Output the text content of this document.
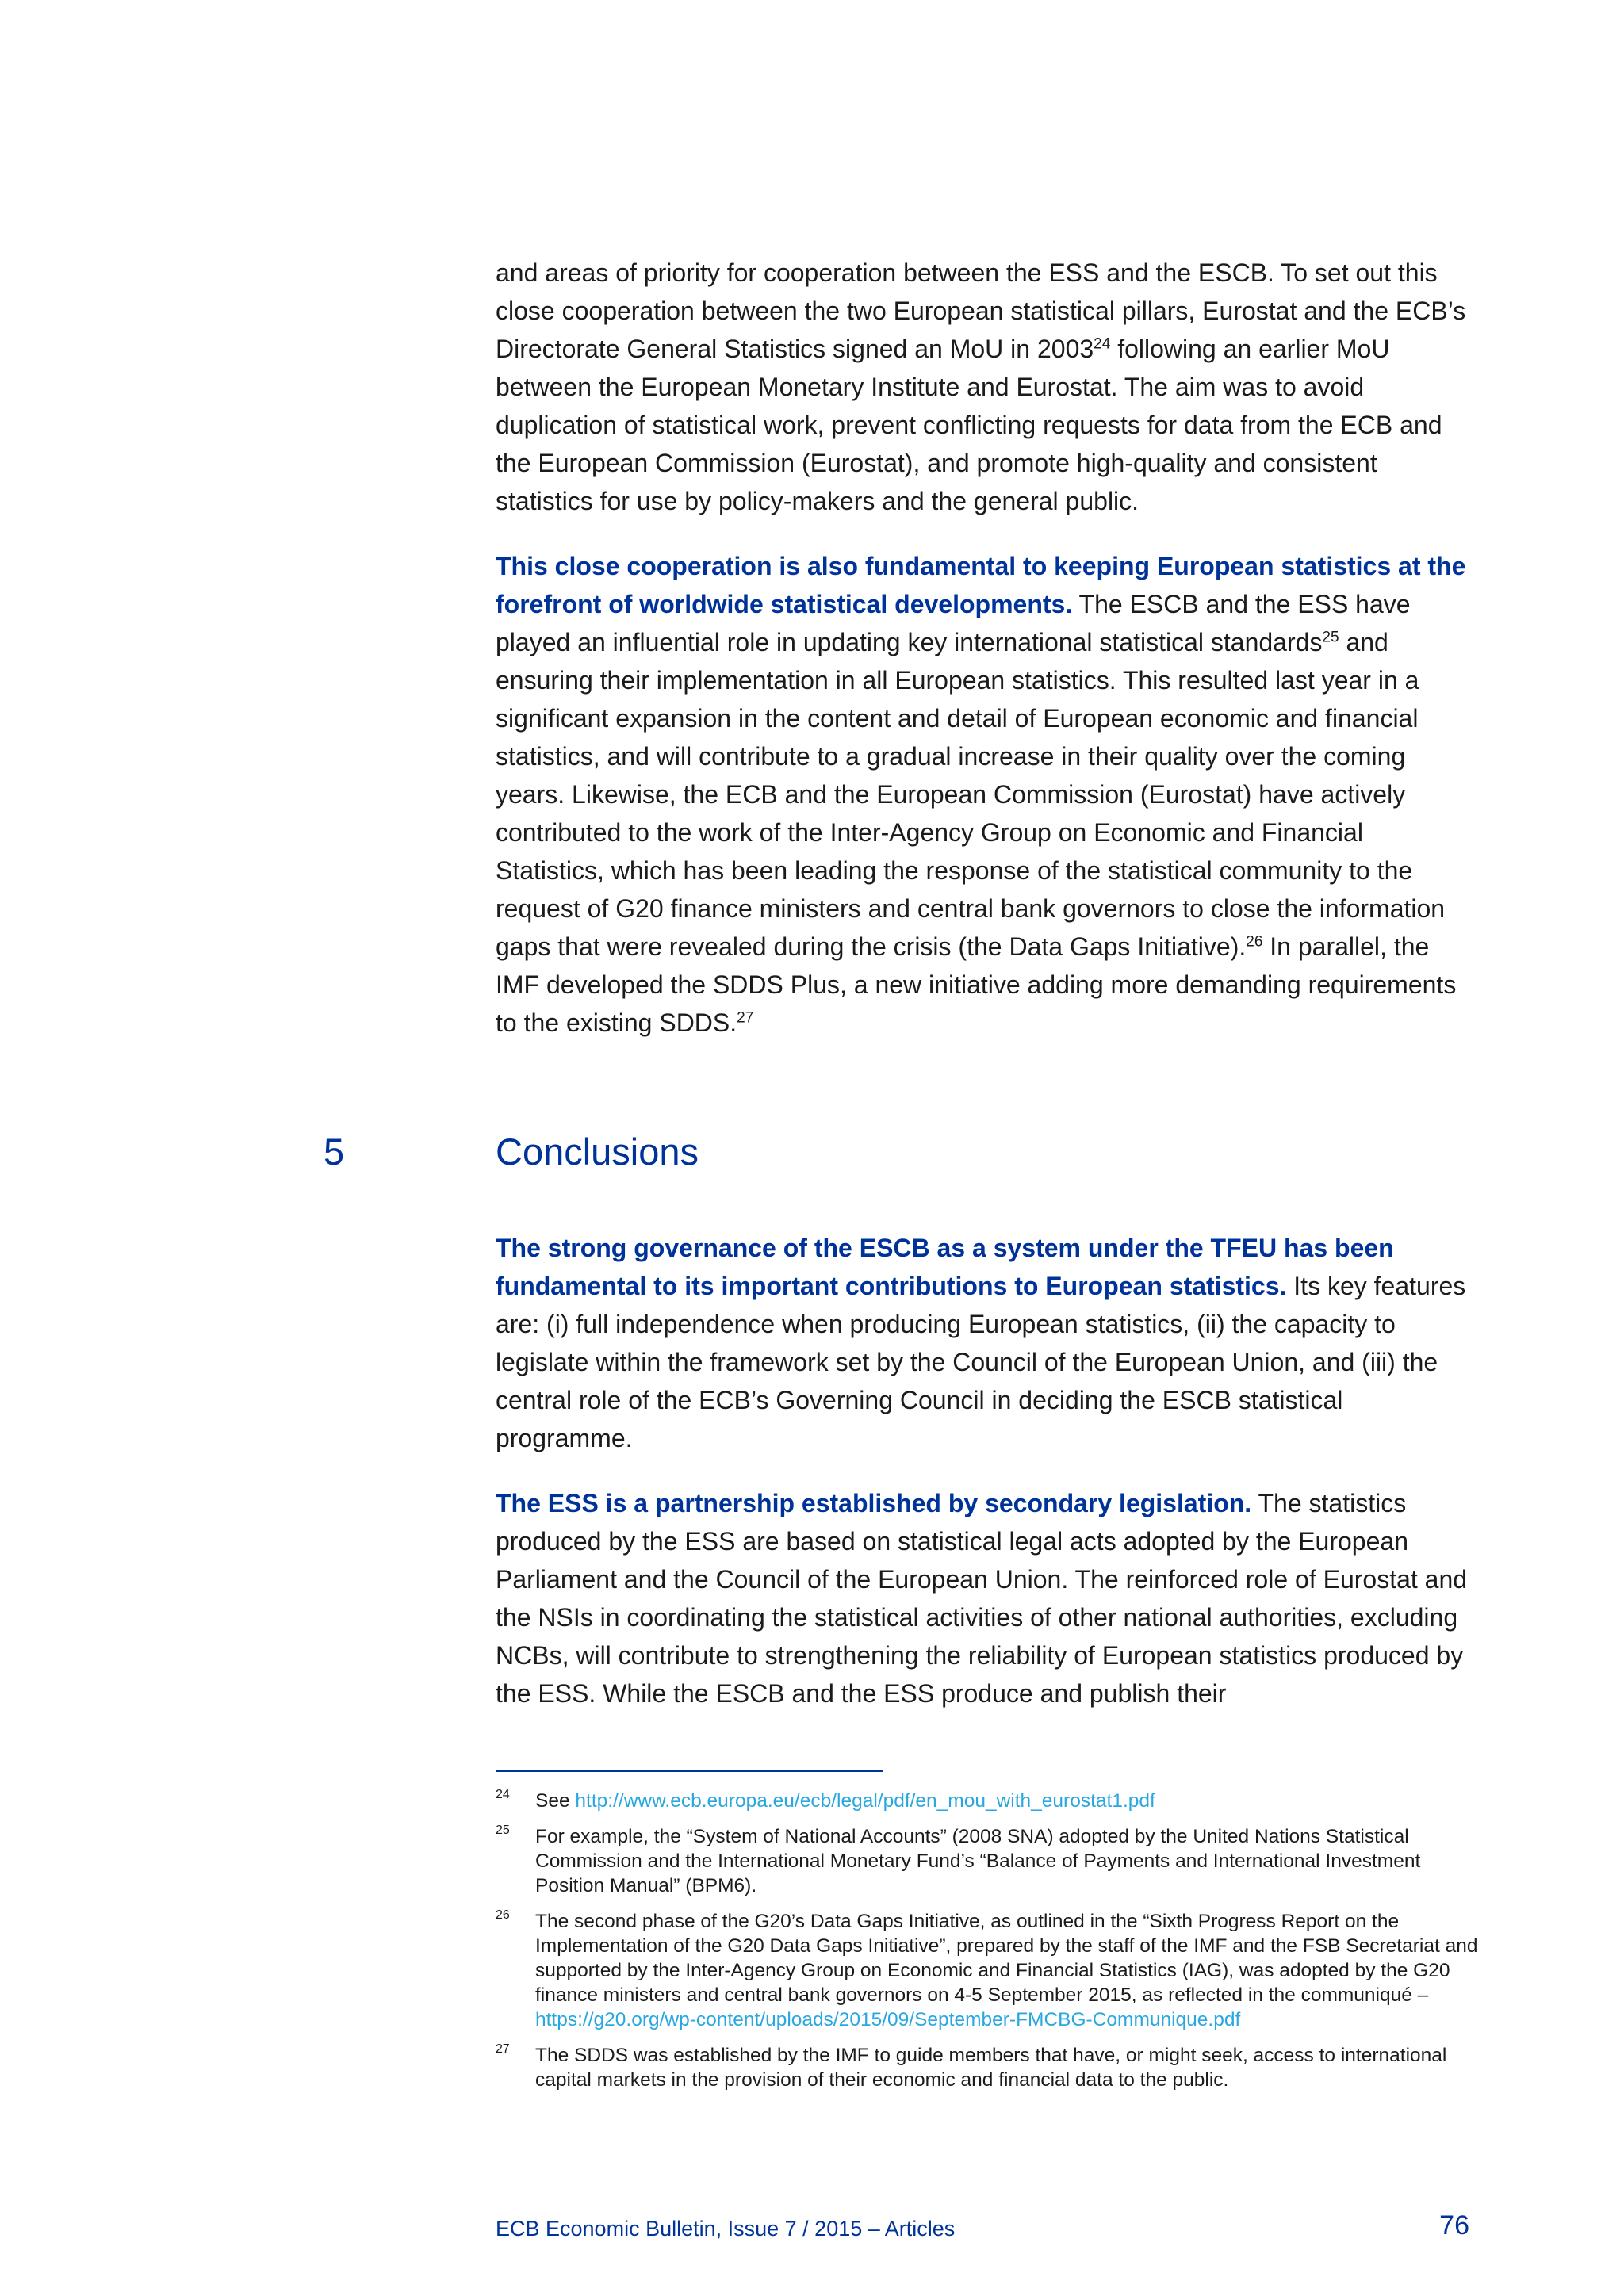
and areas of priority for cooperation between the ESS and the ESCB. To set out this close cooperation between the two European statistical pillars, Eurostat and the ECB’s Directorate General Statistics signed an MoU in 2003$^{24}$ following an earlier MoU between the European Monetary Institute and Eurostat. The aim was to avoid duplication of statistical work, prevent conflicting requests for data from the ECB and the European Commission (Eurostat), and promote high-quality and consistent statistics for use by policy-makers and the general public.

This close cooperation is also fundamental to keeping European statistics at the forefront of worldwide statistical developments. The ESCB and the ESS have played an influential role in updating key international statistical standards$^{25}$ and ensuring their implementation in all European statistics. This resulted last year in a significant expansion in the content and detail of European economic and financial statistics, and will contribute to a gradual increase in their quality over the coming years. Likewise, the ECB and the European Commission (Eurostat) have actively contributed to the work of the Inter-Agency Group on Economic and Financial Statistics, which has been leading the response of the statistical community to the request of G20 finance ministers and central bank governors to close the information gaps that were revealed during the crisis (the Data Gaps Initiative).$^{26}$ In parallel, the IMF developed the SDDS Plus, a new initiative adding more demanding requirements to the existing SDDS.$^{27}$

5	Conclusions

The strong governance of the ESCB as a system under the TFEU has been fundamental to its important contributions to European statistics. Its key features are: (i) full independence when producing European statistics, (ii) the capacity to legislate within the framework set by the Council of the European Union, and (iii) the central role of the ECB’s Governing Council in deciding the ESCB statistical programme.

The ESS is a partnership established by secondary legislation. The statistics produced by the ESS are based on statistical legal acts adopted by the European Parliament and the Council of the European Union. The reinforced role of Eurostat and the NSIs in coordinating the statistical activities of other national authorities, excluding NCBs, will contribute to strengthening the reliability of European statistics produced by the ESS. While the ESCB and the ESS produce and publish their

24 See http://www.ecb.europa.eu/ecb/legal/pdf/en_mou_with_eurostat1.pdf

25 For example, the “System of National Accounts” (2008 SNA) adopted by the United Nations Statistical Commission and the International Monetary Fund’s “Balance of Payments and International Investment Position Manual” (BPM6).

26 The second phase of the G20’s Data Gaps Initiative, as outlined in the “Sixth Progress Report on the Implementation of the G20 Data Gaps Initiative”, prepared by the staff of the IMF and the FSB Secretariat and supported by the Inter-Agency Group on Economic and Financial Statistics (IAG), was adopted by the G20 finance ministers and central bank governors on 4-5 September 2015, as reflected in the communiqué – https://g20.org/wp-content/uploads/2015/09/September-FMCBG-Communique.pdf

27 The SDDS was established by the IMF to guide members that have, or might seek, access to international capital markets in the provision of their economic and financial data to the public.

ECB Economic Bulletin, Issue 7 / 2015 – Articles	76
